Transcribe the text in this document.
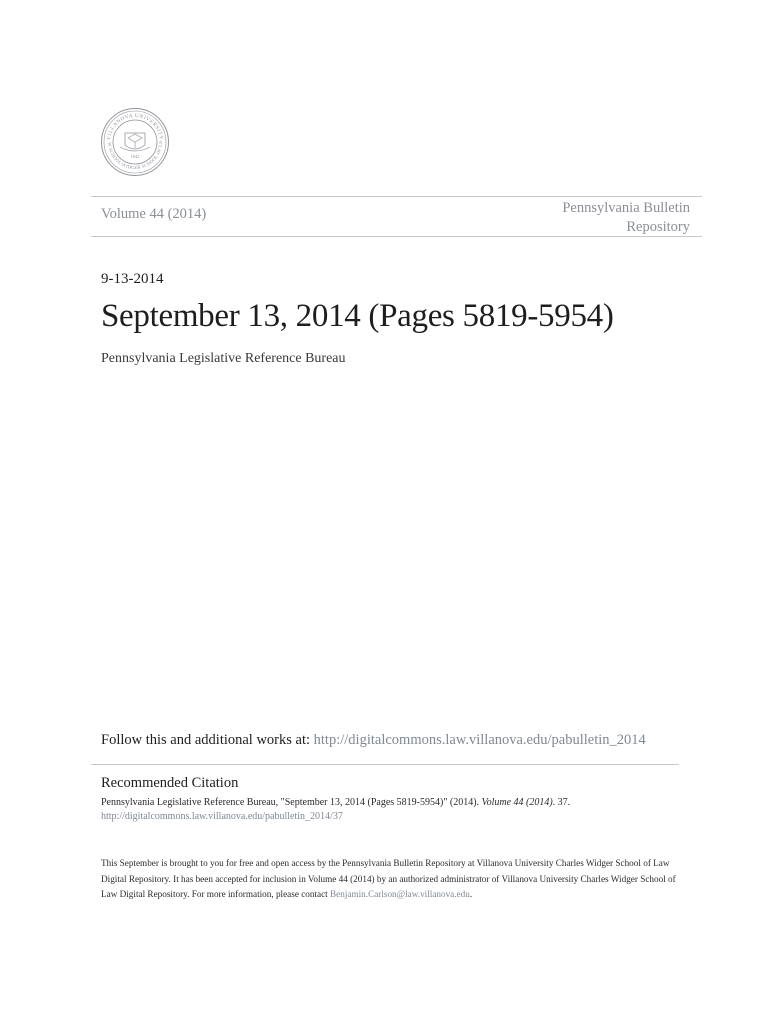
VILLANOVA UNIVERSITY
W SCHOOL WIDGER SCHOOL OF LA
1842
Volume 44 (2014)	Pennsylvania Bulletin
Repository
9-13-2014
September 13, 2014 (Pages 5819-5954)
Pennsylvania Legislative Reference Bureau
Follow this and additional works at: http://digitalcommons.law.villanova.edu/pabulletin_2014
Recommended Citation
Pennsylvania Legislative Reference Bureau, "September 13, 2014 (Pages 5819-5954)" (2014). Volume 44 (2014). 37.
http://digitalcommons.law.villanova.edu/pabulletin_2014/37
This September is brought to you for free and open access by the Pennsylvania Bulletin Repository at Villanova University Charles Widger School of Law Digital Repository. It has been accepted for inclusion in Volume 44 (2014) by an authorized administrator of Villanova University Charles Widger School of Law Digital Repository. For more information, please contact Benjamin.Carlson@law.villanova.edu.
